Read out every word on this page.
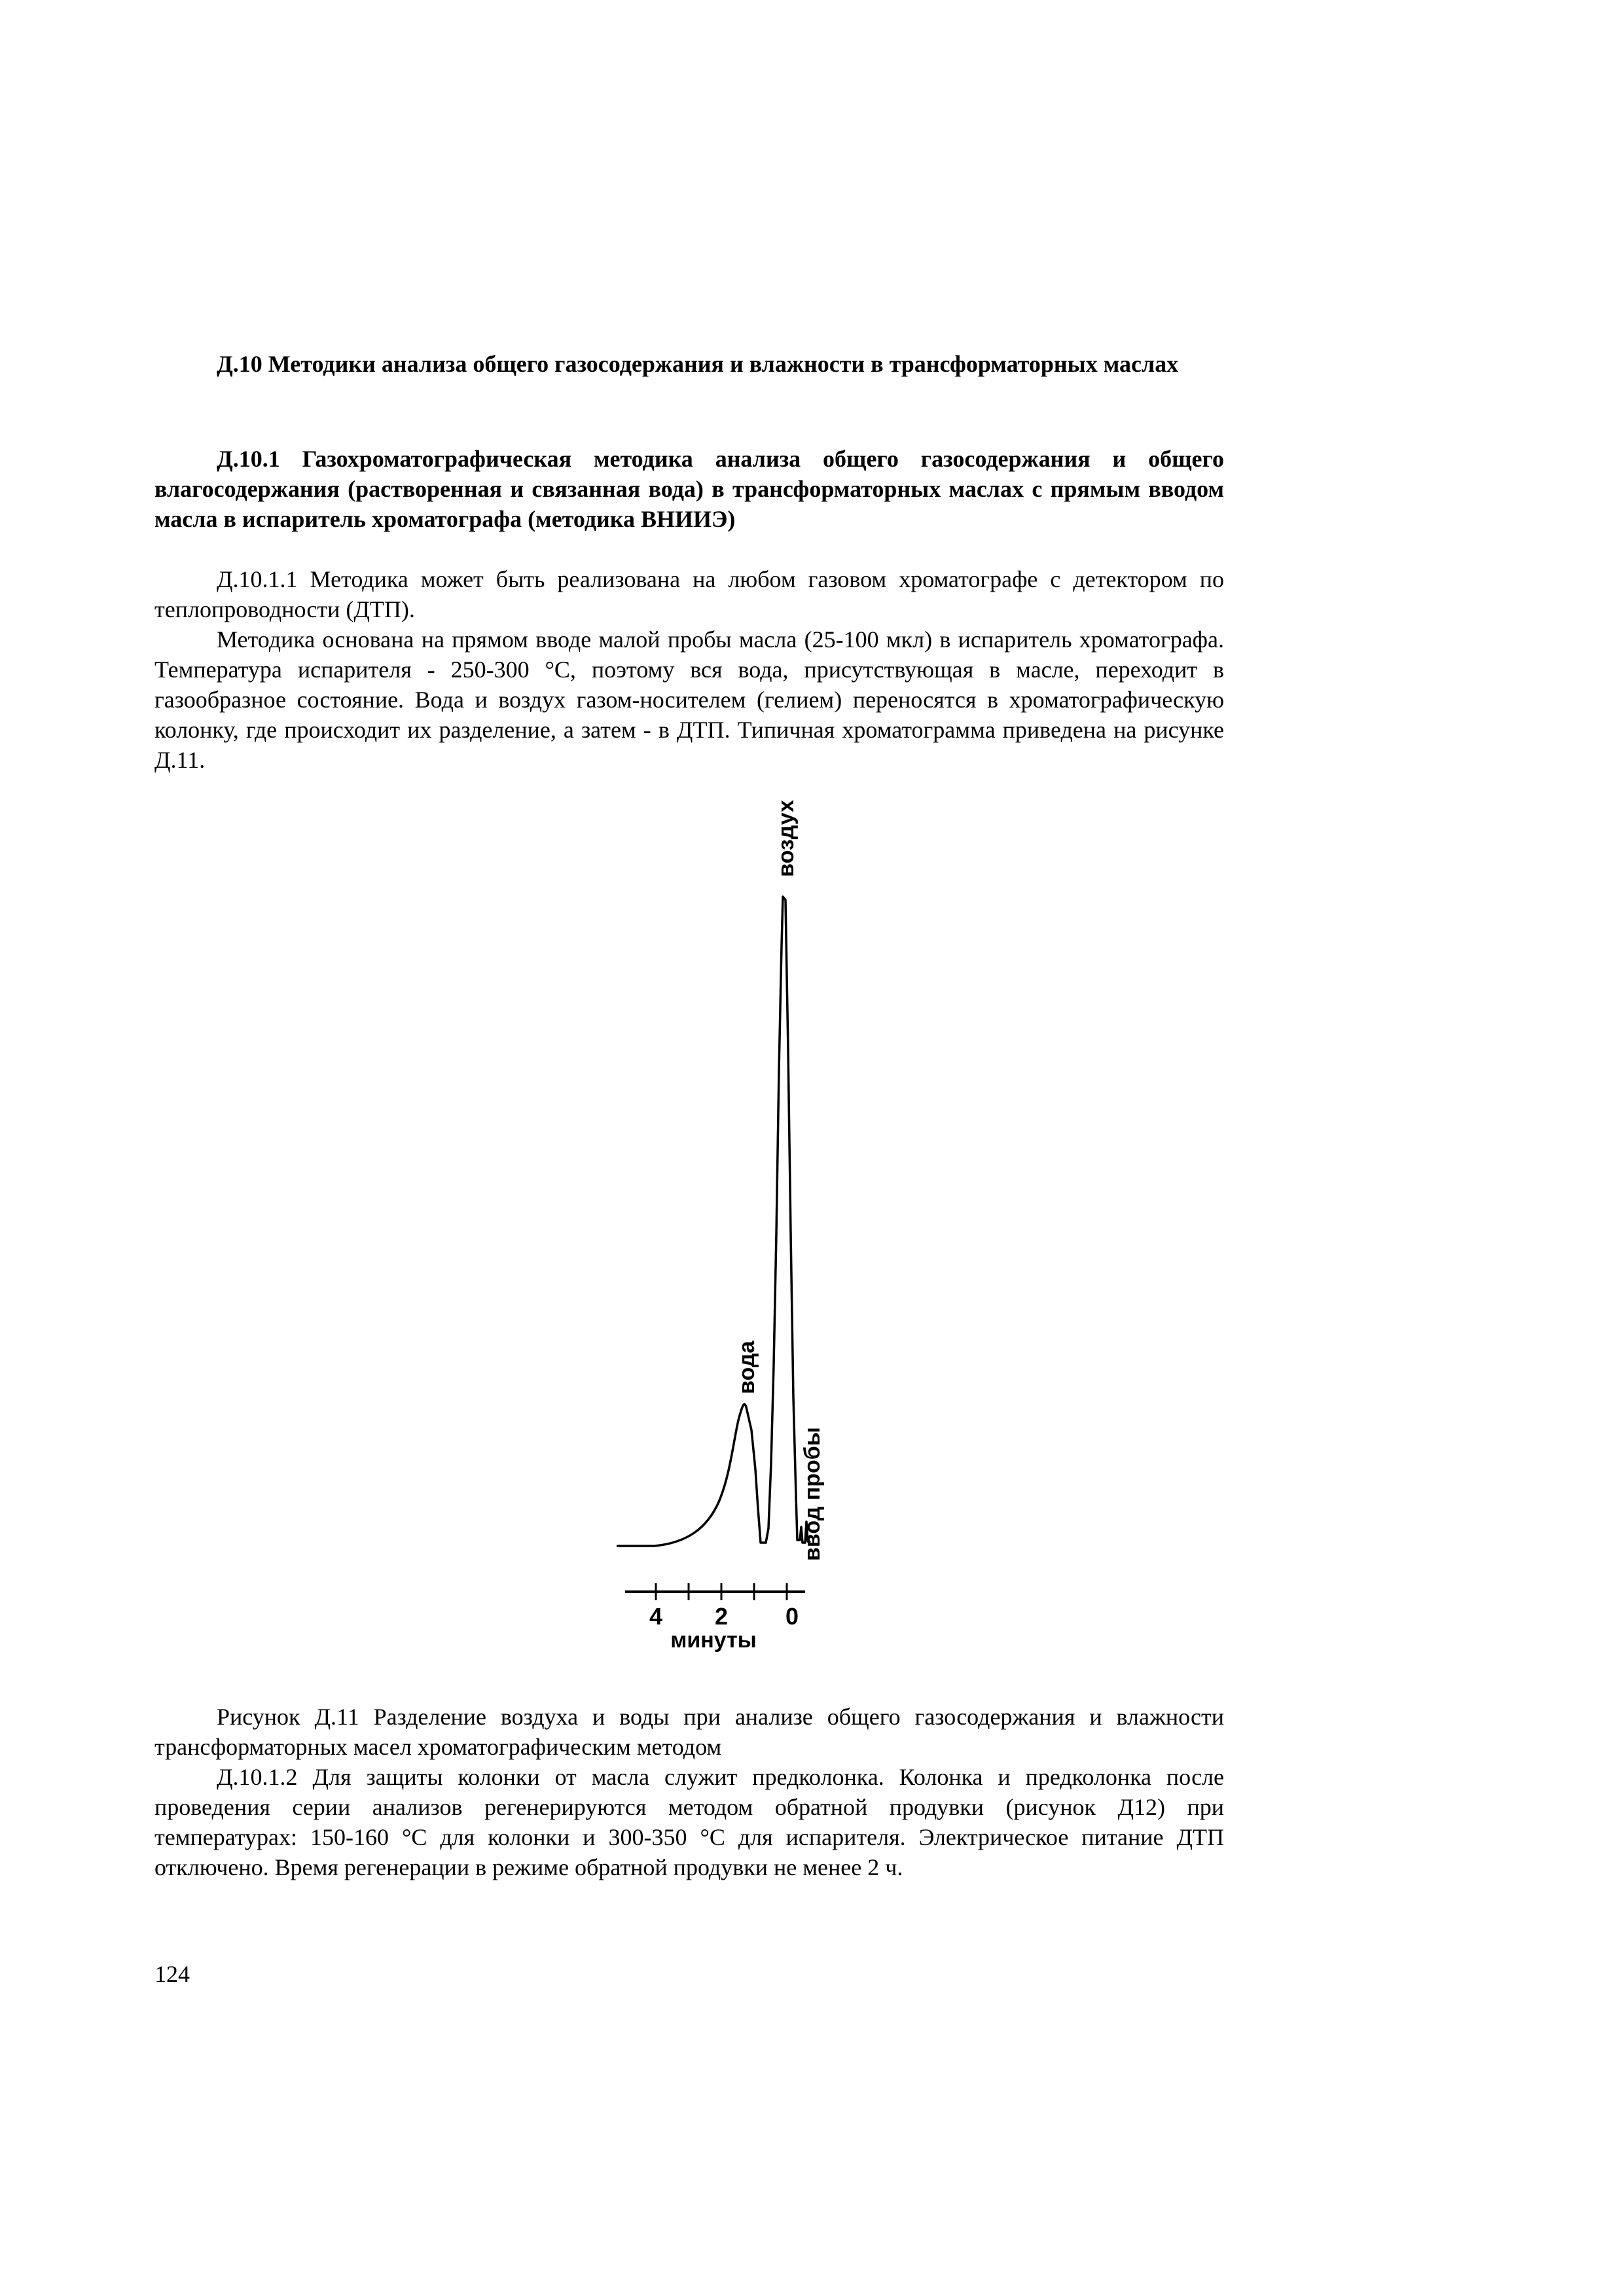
Д.10 Методики анализа общего газосодержания и влажности в трансформаторных маслах
Д.10.1 Газохроматографическая методика анализа общего газосодержания и общего влагосодержания (растворенная и связанная вода) в трансформаторных маслах с прямым вводом масла в испаритель хроматографа (методика ВНИИЭ)

Д.10.1.1 Методика может быть реализована на любом газовом хроматографе с детектором по теплопроводности (ДТП).

Методика основана на прямом вводе малой пробы масла (25-100 мкл) в испаритель хроматографа. Температура испарителя - 250-300 °С, поэтому вся вода, присутствующая в масле, переходит в газообразное состояние. Вода и воздух газом-носителем (гелием) переносятся в хроматографическую колонку, где происходит их разделение, а затем - в ДТП. Типичная хроматограмма приведена на рисунке Д.11.

4 2 0
минуты
воздух
вода
ввод пробы
Рисунок Д.11 Разделение воздуха и воды при анализе общего газосодержания и влажности трансформаторных масел хроматографическим методом

Д.10.1.2 Для защиты колонки от масла служит предколонка. Колонка и предколонка после проведения серии анализов регенерируются методом обратной продувки (рисунок Д12) при температурах: 150-160 °С для колонки и 300-350 °С для испарителя. Электрическое питание ДТП отключено. Время регенерации в режиме обратной продувки не менее 2 ч.

124
